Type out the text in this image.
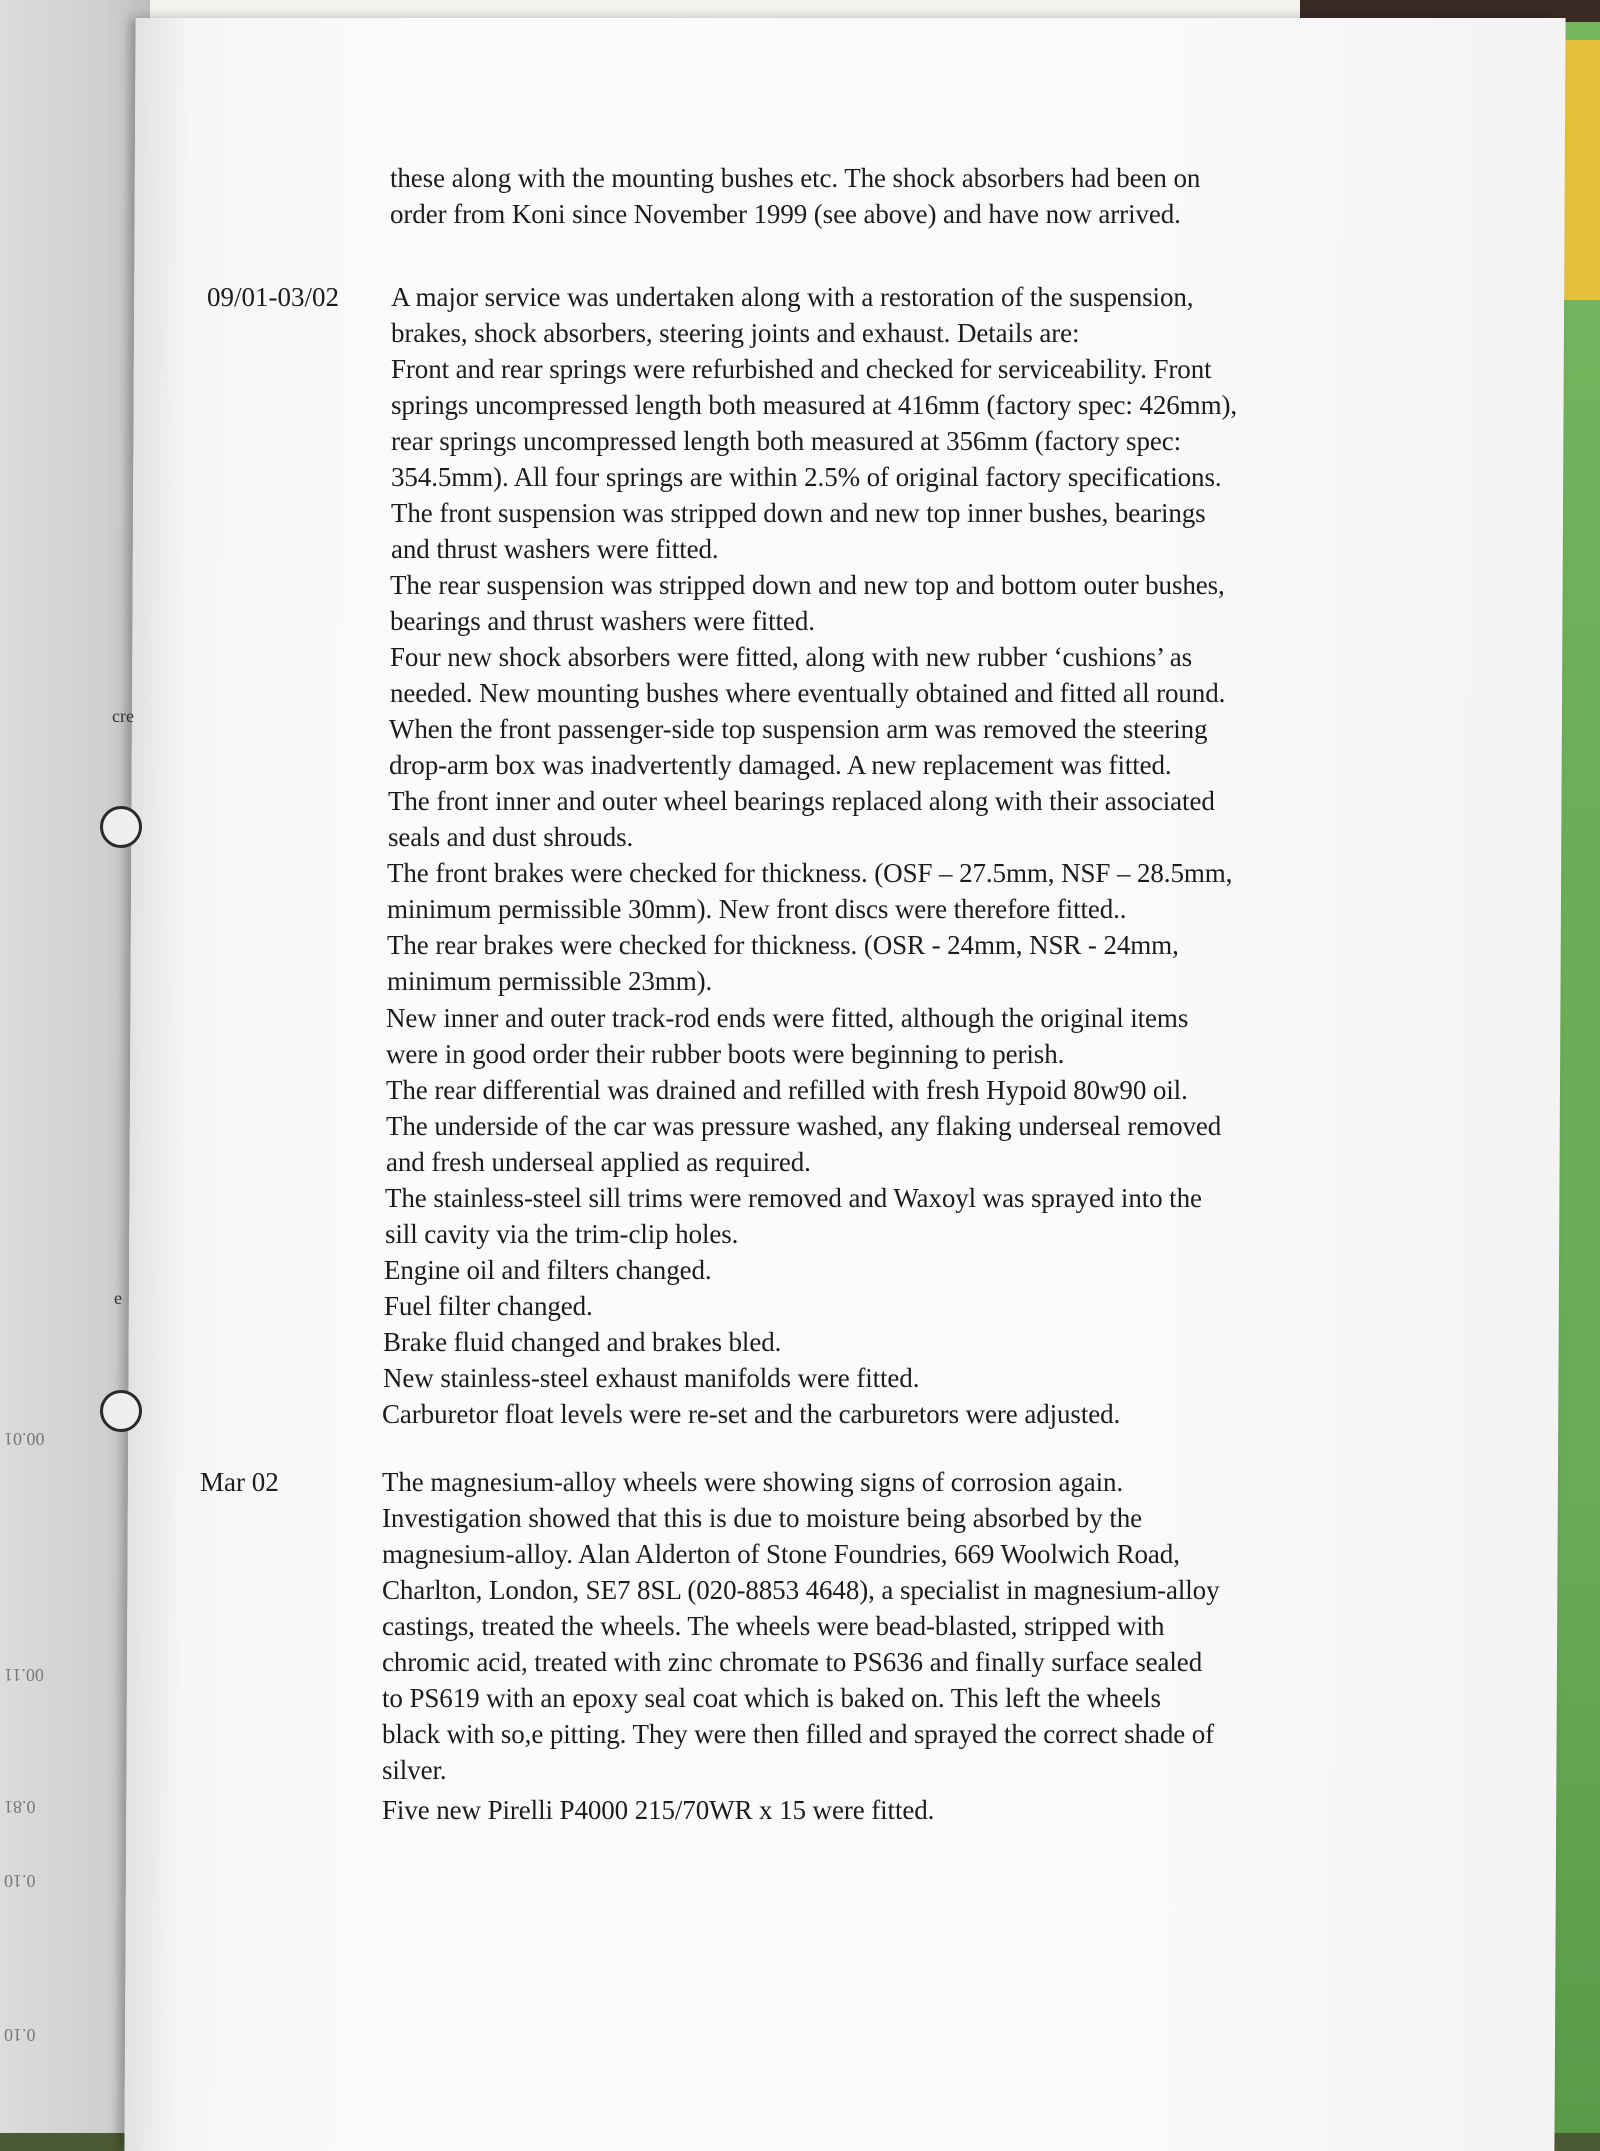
cre
e
00.01
00.11
0.81
0.10
0.10
these along with the mounting bushes etc. The shock absorbers had been on
order from Koni since November 1999 (see above) and have now arrived.
09/01-03/02 A major service was undertaken along with a restoration of the suspension,
brakes, shock absorbers, steering joints and exhaust. Details are:
Front and rear springs were refurbished and checked for serviceability. Front
springs uncompressed length both measured at 416mm (factory spec: 426mm),
rear springs uncompressed length both measured at 356mm (factory spec:
354.5mm). All four springs are within 2.5% of original factory specifications.
The front suspension was stripped down and new top inner bushes, bearings
and thrust washers were fitted.
The rear suspension was stripped down and new top and bottom outer bushes,
bearings and thrust washers were fitted.
Four new shock absorbers were fitted, along with new rubber ‘cushions’ as
needed. New mounting bushes where eventually obtained and fitted all round.
When the front passenger-side top suspension arm was removed the steering
drop-arm box was inadvertently damaged. A new replacement was fitted.
The front inner and outer wheel bearings replaced along with their associated
seals and dust shrouds.
The front brakes were checked for thickness. (OSF – 27.5mm, NSF – 28.5mm,
minimum permissible 30mm). New front discs were therefore fitted..
The rear brakes were checked for thickness. (OSR - 24mm, NSR - 24mm,
minimum permissible 23mm).
New inner and outer track-rod ends were fitted, although the original items
were in good order their rubber boots were beginning to perish.
The rear differential was drained and refilled with fresh Hypoid 80w90 oil.
The underside of the car was pressure washed, any flaking underseal removed
and fresh underseal applied as required.
The stainless-steel sill trims were removed and Waxoyl was sprayed into the
sill cavity via the trim-clip holes.
Engine oil and filters changed.
Fuel filter changed.
Brake fluid changed and brakes bled.
New stainless-steel exhaust manifolds were fitted.
Carburetor float levels were re-set and the carburetors were adjusted.
Mar 02	The magnesium-alloy wheels were showing signs of corrosion again.
Investigation showed that this is due to moisture being absorbed by the
magnesium-alloy. Alan Alderton of Stone Foundries, 669 Woolwich Road,
Charlton, London, SE7 8SL (020-8853 4648), a specialist in magnesium-alloy
castings, treated the wheels. The wheels were bead-blasted, stripped with
chromic acid, treated with zinc chromate to PS636 and finally surface sealed
to PS619 with an epoxy seal coat which is baked on. This left the wheels
black with so,e pitting. They were then filled and sprayed the correct shade of
silver.
Five new Pirelli P4000 215/70WR x 15 were fitted.
